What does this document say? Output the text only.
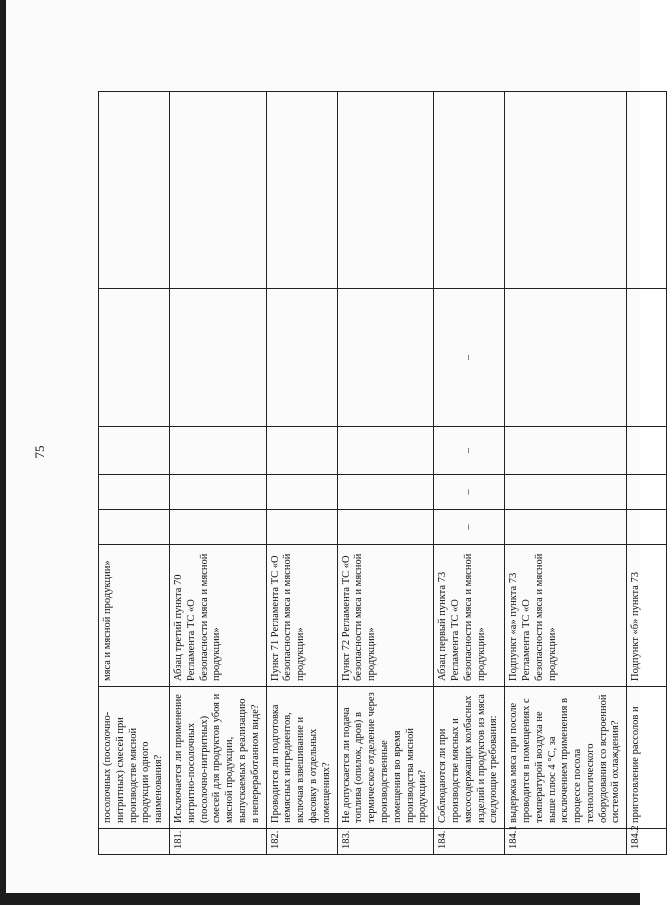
75
	посолочных (посолочно-нитритных) смесей при производстве мясной продукции одного наименования?	мяса и мясной продукции»					
181.	Исключается ли применение нитритно-посолочных (посолочно-нитритных) смесей для продуктов убоя и мясной продукции, выпускаемых в реализацию в непереработанном виде?	Абзац третий пункта 70 Регламента ТС «О безопасности мяса и мясной продукции»					
182.	Проводится ли подготовка немясных ингредиентов, включая взвешивание и фасовку в отдельных помещениях?	Пункт 71 Регламента ТС «О безопасности мяса и мясной продукции»					
183.	Не допускается ли подача топлива (опилок, дров) в термическое отделение через производственные помещения во время производства мясной продукции?	Пункт 72 Регламента ТС «О безопасности мяса и мясной продукции»					
184.	Соблюдаются ли при производстве мясных и мясосодержащих колбасных изделий и продуктов из мяса следующие требования:	Абзац первый пункта 73 Регламента ТС «О безопасности мяса и мясной продукции»	–	–	–	–	
184.1	выдержка мяса при посоле проводится в помещениях с температурой воздуха не выше плюс 4 °С, за исключением применения в процессе посола технологического оборудования со встроенной системой охлаждения?	Подпункт «а» пункта 73 Регламента ТС «О безопасности мяса и мясной продукции»					
184.2	приготовление рассолов и	Подпункт «б» пункта 73					
